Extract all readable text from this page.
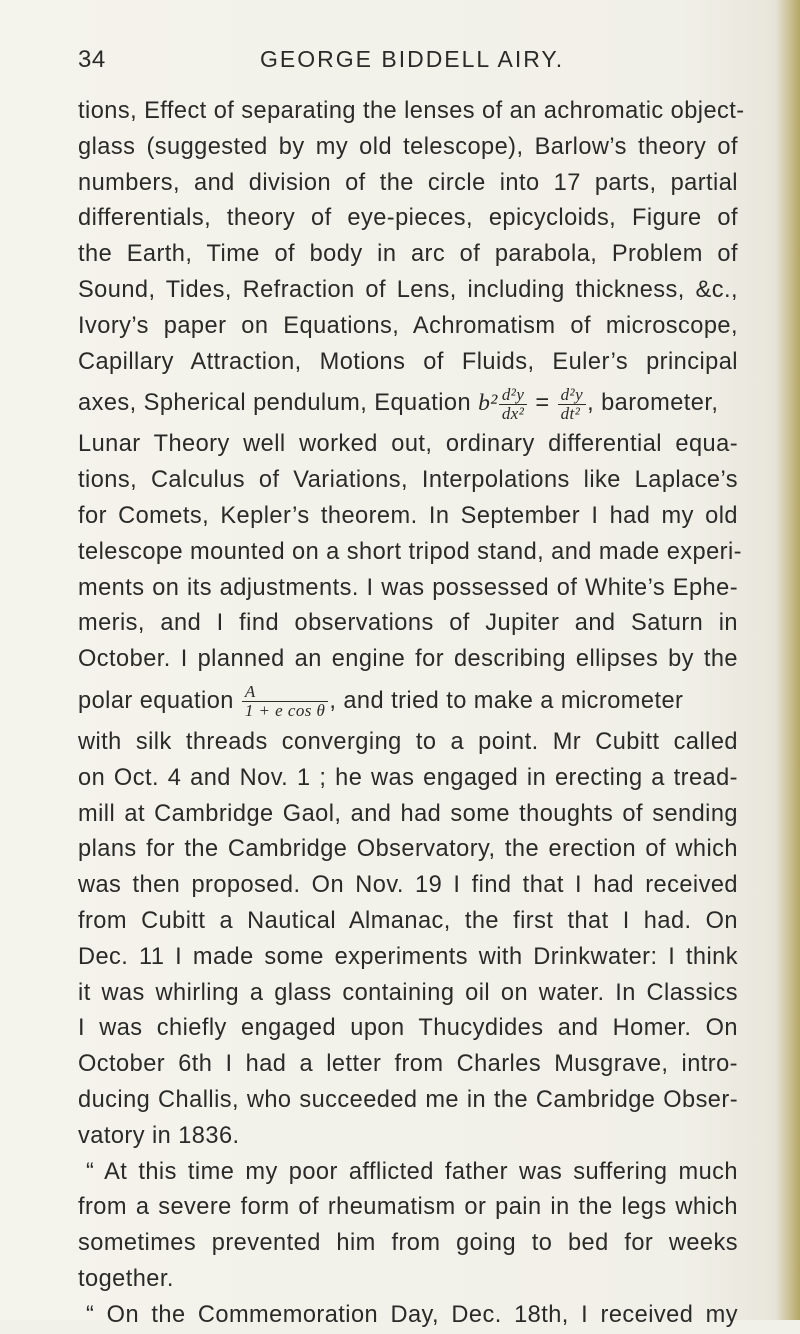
34	GEORGE BIDDELL AIRY.
tions, Effect of separating the lenses of an achromatic object-
glass (suggested by my old telescope), Barlow’s theory of
numbers, and division of the circle into 17 parts, partial
differentials, theory of eye-pieces, epicycloids, Figure of
the Earth, Time of body in arc of parabola, Problem of
Sound, Tides, Refraction of Lens, including thickness, &c.,
Ivory’s paper on Equations, Achromatism of microscope,
Capillary Attraction, Motions of Fluids, Euler’s principal
axes, Spherical pendulum, Equation $b^2 \frac{\text{d²y}}{\text{dx²}} = \frac{\text{d²y}}{\text{dt²}}$ , barometer,
Lunar Theory well worked out, ordinary differential equa-
tions, Calculus of Variations, Interpolations like Laplace’s
for Comets, Kepler’s theorem. In September I had my old
telescope mounted on a short tripod stand, and made experi-
ments on its adjustments. I was possessed of White’s Ephe-
meris, and I find observations of Jupiter and Saturn in
October. I planned an engine for describing ellipses by the
polar equation $\frac{A}{\text{1 + e cos θ}}$ , and tried to make a micrometer
with silk threads converging to a point. Mr Cubitt called
on Oct. 4 and Nov. 1 ; he was engaged in erecting a tread-
mill at Cambridge Gaol, and had some thoughts of sending
plans for the Cambridge Observatory, the erection of which
was then proposed. On Nov. 19 I find that I had received
from Cubitt a Nautical Almanac, the first that I had. On
Dec. 11 I made some experiments with Drinkwater: I think
it was whirling a glass containing oil on water. In Classics
I was chiefly engaged upon Thucydides and Homer. On
October 6th I had a letter from Charles Musgrave, intro-
ducing Challis, who succeeded me in the Cambridge Obser-
vatory in 1836.
“ At this time my poor afflicted father was suffering much
from a severe form of rheumatism or pain in the legs which
sometimes prevented him from going to bed for weeks
together.
“ On the Commemoration Day, Dec. 18th, I received my
